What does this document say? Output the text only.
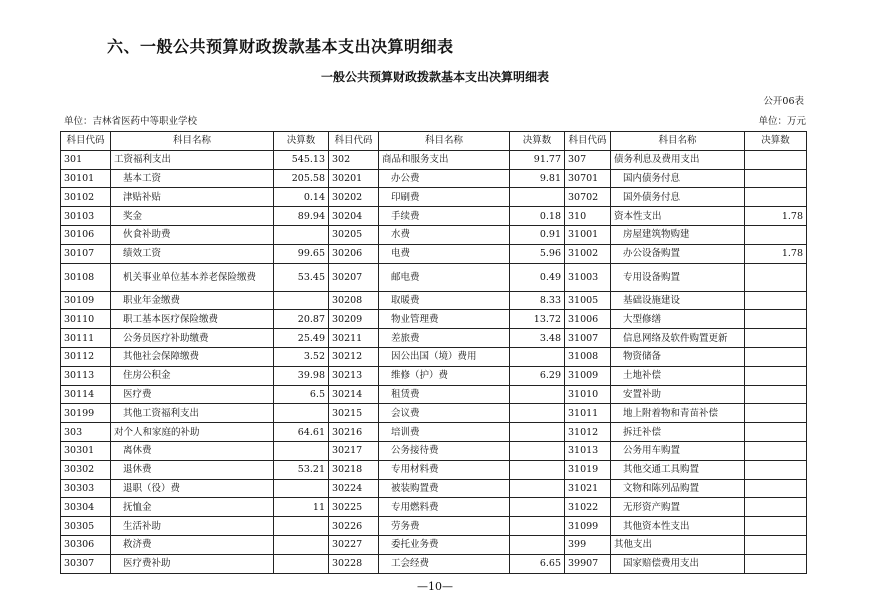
六、一般公共预算财政拨款基本支出决算明细表
一般公共预算财政拨款基本支出决算明细表
公开06表
单位：吉林省医药中等职业学校	单位：万元
科目代码	科目名称	决算数	科目代码	科目名称	决算数	科目代码	科目名称	决算数
301	工资福利支出	545.13	302	商品和服务支出	91.77	307	债务利息及费用支出	
30101	基本工资	205.58	30201	办公费	9.81	30701	国内债务付息	
30102	津贴补贴	0.14	30202	印刷费		30702	国外债务付息	
30103	奖金	89.94	30204	手续费	0.18	310	资本性支出	1.78
30106	伙食补助费		30205	水费	0.91	31001	房屋建筑物购建	
30107	绩效工资	99.65	30206	电费	5.96	31002	办公设备购置	1.78
30108	机关事业单位基本养老保险缴费	53.45	30207	邮电费	0.49	31003	专用设备购置	
30109	职业年金缴费		30208	取暖费	8.33	31005	基础设施建设	
30110	职工基本医疗保险缴费	20.87	30209	物业管理费	13.72	31006	大型修缮	
30111	公务员医疗补助缴费	25.49	30211	差旅费	3.48	31007	信息网络及软件购置更新	
30112	其他社会保障缴费	3.52	30212	因公出国（境）费用		31008	物资储备	
30113	住房公积金	39.98	30213	维修（护）费	6.29	31009	土地补偿	
30114	医疗费	6.5	30214	租赁费		31010	安置补助	
30199	其他工资福利支出		30215	会议费		31011	地上附着物和青苗补偿	
303	对个人和家庭的补助	64.61	30216	培训费		31012	拆迁补偿	
30301	离休费		30217	公务接待费		31013	公务用车购置	
30302	退休费	53.21	30218	专用材料费		31019	其他交通工具购置	
30303	退职（役）费		30224	被装购置费		31021	文物和陈列品购置	
30304	抚恤金	11	30225	专用燃料费		31022	无形资产购置	
30305	生活补助		30226	劳务费		31099	其他资本性支出	
30306	救济费		30227	委托业务费		399	其他支出	
30307	医疗费补助		30228	工会经费	6.65	39907	国家赔偿费用支出	
—10—
